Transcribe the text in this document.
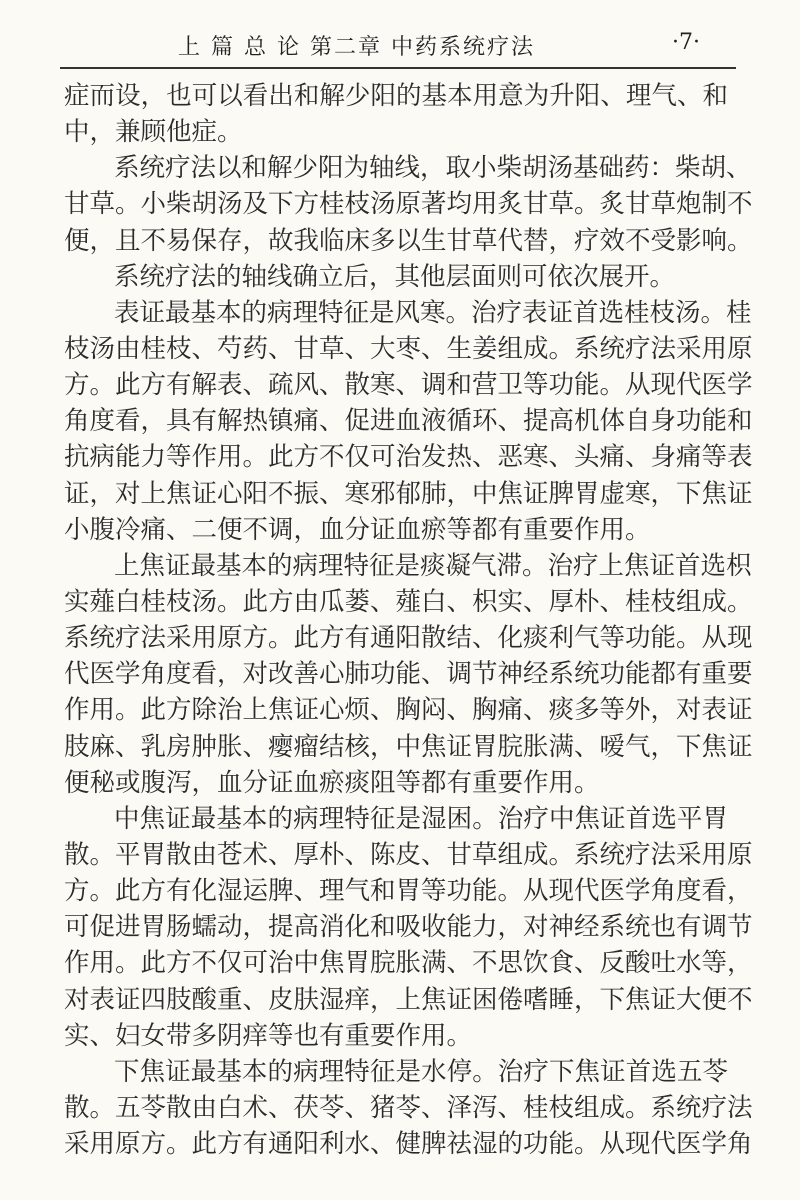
上 篇 总 论 第二章 中药系统疗法	·7·
症而设，也可以看出和解少阳的基本用意为升阳、理气、和
中，兼顾他症。
系统疗法以和解少阳为轴线，取小柴胡汤基础药：柴胡、
甘草。小柴胡汤及下方桂枝汤原著均用炙甘草。炙甘草炮制不
便，且不易保存，故我临床多以生甘草代替，疗效不受影响。
系统疗法的轴线确立后，其他层面则可依次展开。
表证最基本的病理特征是风寒。治疗表证首选桂枝汤。桂
枝汤由桂枝、芍药、甘草、大枣、生姜组成。系统疗法采用原
方。此方有解表、疏风、散寒、调和营卫等功能。从现代医学
角度看，具有解热镇痛、促进血液循环、提高机体自身功能和
抗病能力等作用。此方不仅可治发热、恶寒、头痛、身痛等表
证，对上焦证心阳不振、寒邪郁肺，中焦证脾胃虚寒，下焦证
小腹冷痛、二便不调，血分证血瘀等都有重要作用。
上焦证最基本的病理特征是痰凝气滞。治疗上焦证首选枳
实薤白桂枝汤。此方由瓜蒌、薤白、枳实、厚朴、桂枝组成。
系统疗法采用原方。此方有通阳散结、化痰利气等功能。从现
代医学角度看，对改善心肺功能、调节神经系统功能都有重要
作用。此方除治上焦证心烦、胸闷、胸痛、痰多等外，对表证
肢麻、乳房肿胀、瘿瘤结核，中焦证胃脘胀满、嗳气，下焦证
便秘或腹泻，血分证血瘀痰阻等都有重要作用。
中焦证最基本的病理特征是湿困。治疗中焦证首选平胃
散。平胃散由苍术、厚朴、陈皮、甘草组成。系统疗法采用原
方。此方有化湿运脾、理气和胃等功能。从现代医学角度看，
可促进胃肠蠕动，提高消化和吸收能力，对神经系统也有调节
作用。此方不仅可治中焦胃脘胀满、不思饮食、反酸吐水等，
对表证四肢酸重、皮肤湿痒，上焦证困倦嗜睡，下焦证大便不
实、妇女带多阴痒等也有重要作用。
下焦证最基本的病理特征是水停。治疗下焦证首选五苓
散。五苓散由白术、茯苓、猪苓、泽泻、桂枝组成。系统疗法
采用原方。此方有通阳利水、健脾祛湿的功能。从现代医学角
